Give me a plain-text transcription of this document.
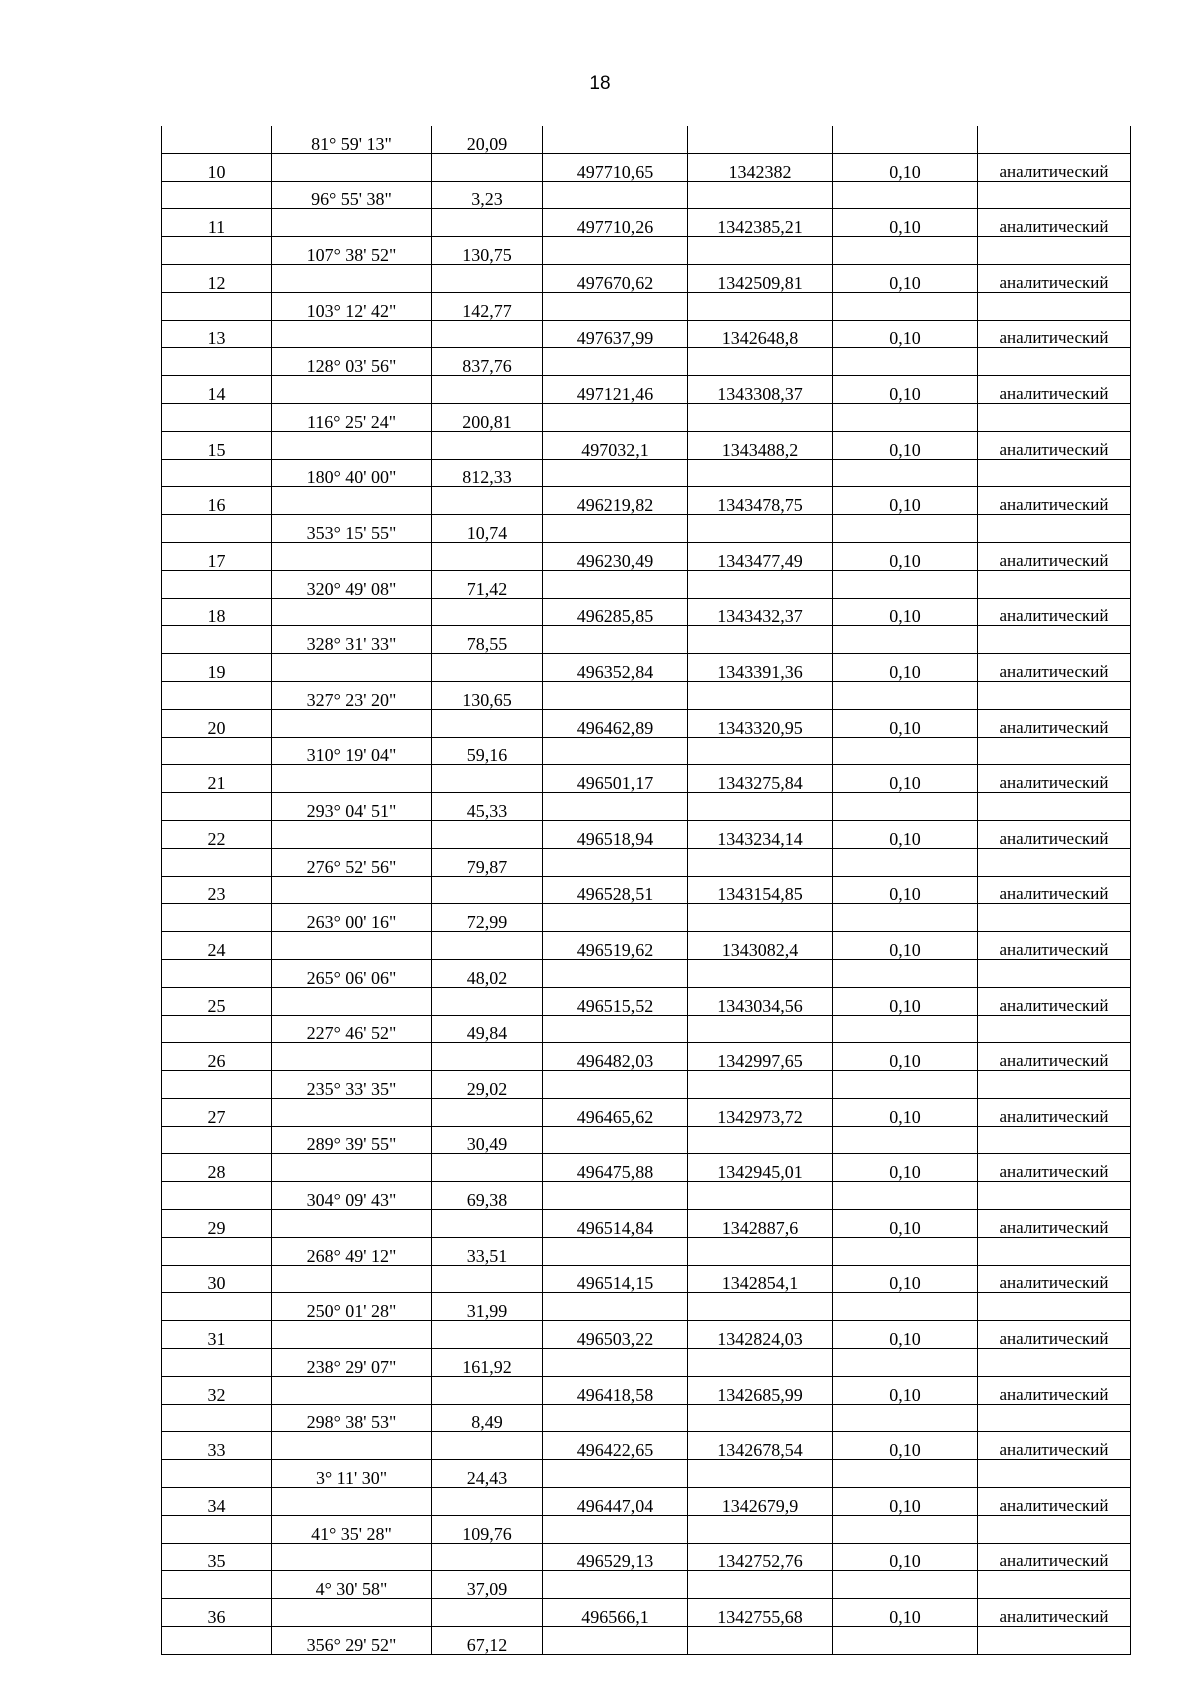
18
	81° 59' 13"	20,09				
10			497710,65	1342382	0,10	аналитический
	96° 55' 38"	3,23				
11			497710,26	1342385,21	0,10	аналитический
	107° 38' 52"	130,75				
12			497670,62	1342509,81	0,10	аналитический
	103° 12' 42"	142,77				
13			497637,99	1342648,8	0,10	аналитический
	128° 03' 56"	837,76				
14			497121,46	1343308,37	0,10	аналитический
	116° 25' 24"	200,81				
15			497032,1	1343488,2	0,10	аналитический
	180° 40' 00"	812,33				
16			496219,82	1343478,75	0,10	аналитический
	353° 15' 55"	10,74				
17			496230,49	1343477,49	0,10	аналитический
	320° 49' 08"	71,42				
18			496285,85	1343432,37	0,10	аналитический
	328° 31' 33"	78,55				
19			496352,84	1343391,36	0,10	аналитический
	327° 23' 20"	130,65				
20			496462,89	1343320,95	0,10	аналитический
	310° 19' 04"	59,16				
21			496501,17	1343275,84	0,10	аналитический
	293° 04' 51"	45,33				
22			496518,94	1343234,14	0,10	аналитический
	276° 52' 56"	79,87				
23			496528,51	1343154,85	0,10	аналитический
	263° 00' 16"	72,99				
24			496519,62	1343082,4	0,10	аналитический
	265° 06' 06"	48,02				
25			496515,52	1343034,56	0,10	аналитический
	227° 46' 52"	49,84				
26			496482,03	1342997,65	0,10	аналитический
	235° 33' 35"	29,02				
27			496465,62	1342973,72	0,10	аналитический
	289° 39' 55"	30,49				
28			496475,88	1342945,01	0,10	аналитический
	304° 09' 43"	69,38				
29			496514,84	1342887,6	0,10	аналитический
	268° 49' 12"	33,51				
30			496514,15	1342854,1	0,10	аналитический
	250° 01' 28"	31,99				
31			496503,22	1342824,03	0,10	аналитический
	238° 29' 07"	161,92				
32			496418,58	1342685,99	0,10	аналитический
	298° 38' 53"	8,49				
33			496422,65	1342678,54	0,10	аналитический
	3° 11' 30"	24,43				
34			496447,04	1342679,9	0,10	аналитический
	41° 35' 28"	109,76				
35			496529,13	1342752,76	0,10	аналитический
	4° 30' 58"	37,09				
36			496566,1	1342755,68	0,10	аналитический
	356° 29' 52"	67,12				
